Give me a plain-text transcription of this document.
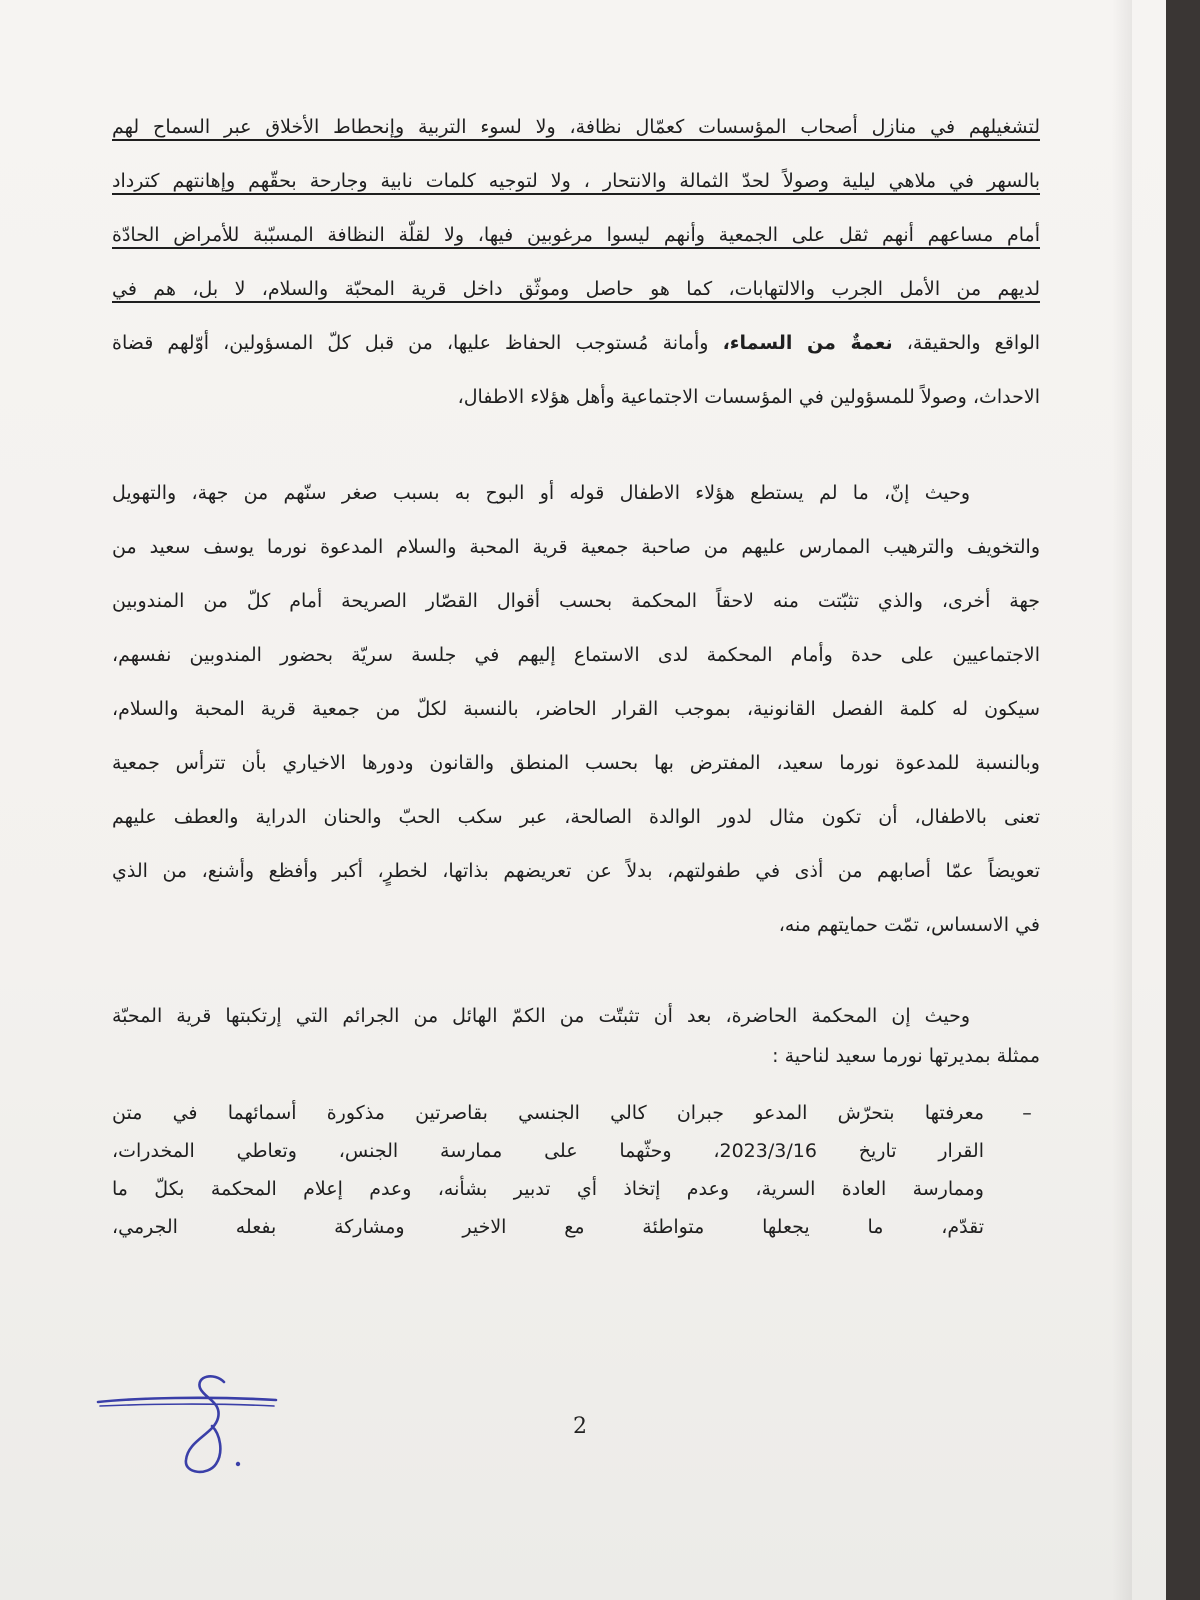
لتشغيلهم في منازل أصحاب المؤسسات كعمّال نظافة، ولا لسوء التربية وإنحطاط الأخلاق عبر السماح لهم
بالسهر في ملاهي ليلية وصولاً لحدّ الثمالة والانتحار ، ولا لتوجيه كلمات نابية وجارحة بحقّهم وإهانتهم كترداد
أمام مساعهم أنهم ثقل على الجمعية وأنهم ليسوا مرغوبين فيها، ولا لقلّة النظافة المسبّبة للأمراض الحادّة
لديهم من الأمل الجرب والالتهابات، كما هو حاصل وموثّق داخل قرية المحبّة والسلام، لا بل، هم في
الواقع والحقيقة، نعمةٌ من السماء، وأمانة مُستوجب الحفاظ عليها، من قبل كلّ المسؤولين، أوّلهم قضاة
الاحداث، وصولاً للمسؤولين في المؤسسات الاجتماعية وأهل هؤلاء الاطفال،
وحيث إنّ، ما لم يستطع هؤلاء الاطفال قوله أو البوح به بسبب صغر سنّهم من جهة، والتهويل
والتخويف والترهيب الممارس عليهم من صاحبة جمعية قرية المحبة والسلام المدعوة نورما يوسف سعيد من
جهة أخرى، والذي تثبّتت منه لاحقاً المحكمة بحسب أقوال القصّار الصريحة أمام كلّ من المندوبين
الاجتماعيين على حدة وأمام المحكمة لدى الاستماع إليهم في جلسة سريّة بحضور المندوبين نفسهم،
سيكون له كلمة الفصل القانونية، بموجب القرار الحاضر، بالنسبة لكلّ من جمعية قرية المحبة والسلام،
وبالنسبة للمدعوة نورما سعيد، المفترض بها بحسب المنطق والقانون ودورها الاخياري بأن تترأس جمعية
تعنى بالاطفال، أن تكون مثال لدور الوالدة الصالحة، عبر سكب الحبّ والحنان الدراية والعطف عليهم
تعويضاً عمّا أصابهم من أذى في طفولتهم، بدلاً عن تعريضهم بذاتها، لخطرٍ، أكبر وأفظع وأشنع، من الذي
في الاسساس، تمّت حمايتهم منه،
وحيث إن المحكمة الحاضرة، بعد أن تثبتّت من الكمّ الهائل من الجرائم التي إرتكبتها قرية المحبّة
ممثلة بمديرتها نورما سعيد لناحية :
–
معرفتها بتحرّش المدعو جبران كالي الجنسي بقاصرتين مذكورة أسمائهما في متن
القرار تاريخ 2023/3/16، وحثّهما على ممارسة الجنس، وتعاطي المخدرات،
وممارسة العادة السرية، وعدم إتخاذ أي تدبير بشأنه، وعدم إعلام المحكمة بكلّ ما
تقدّم، ما يجعلها متواطئة مع الاخير ومشاركة بفعله الجرمي،
2
